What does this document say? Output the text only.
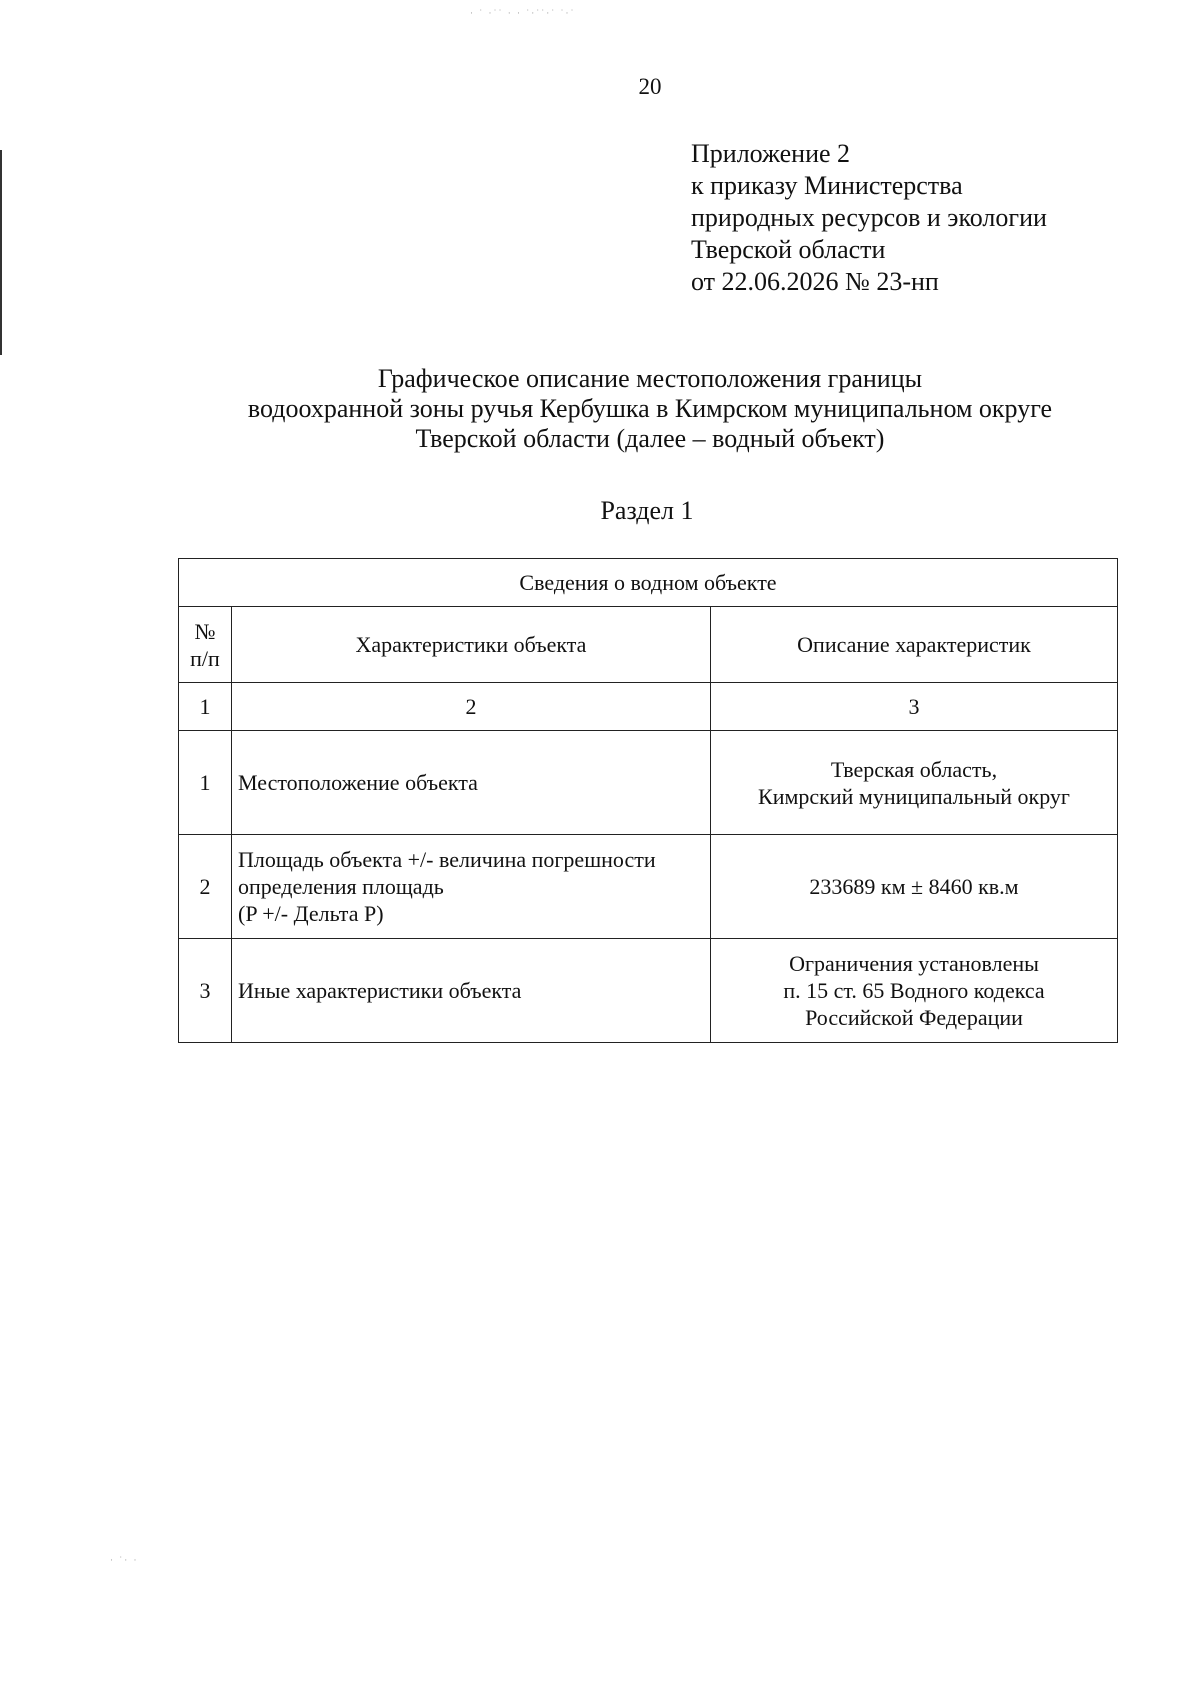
· ˙ ·˙˙ · · ˙·˙˙·˙ ˙·˙
· ˙· ·
20
Приложение 2
к приказу Министерства
природных ресурсов и экологии
Тверской области
от 22.06.2026 № 23-нп
Графическое описание местоположения границы
водоохранной зоны ручья Кербушка в Кимрском муниципальном округе
Тверской области (далее – водный объект)
Раздел 1
Сведения о водном объекте		

№
п/п	Характеристики объекта	Описание характеристик
1	2	3
1	Местоположение объекта	Тверская область,
Кимрский муниципальный округ

2	Площадь объекта +/- величина погрешности
определения площадь
(P +/- Дельта P)	233689 км ± 8460 кв.м

3	Иные характеристики объекта	Ограничения установлены
п. 15 ст. 65 Водного кодекса
Российской Федерации
